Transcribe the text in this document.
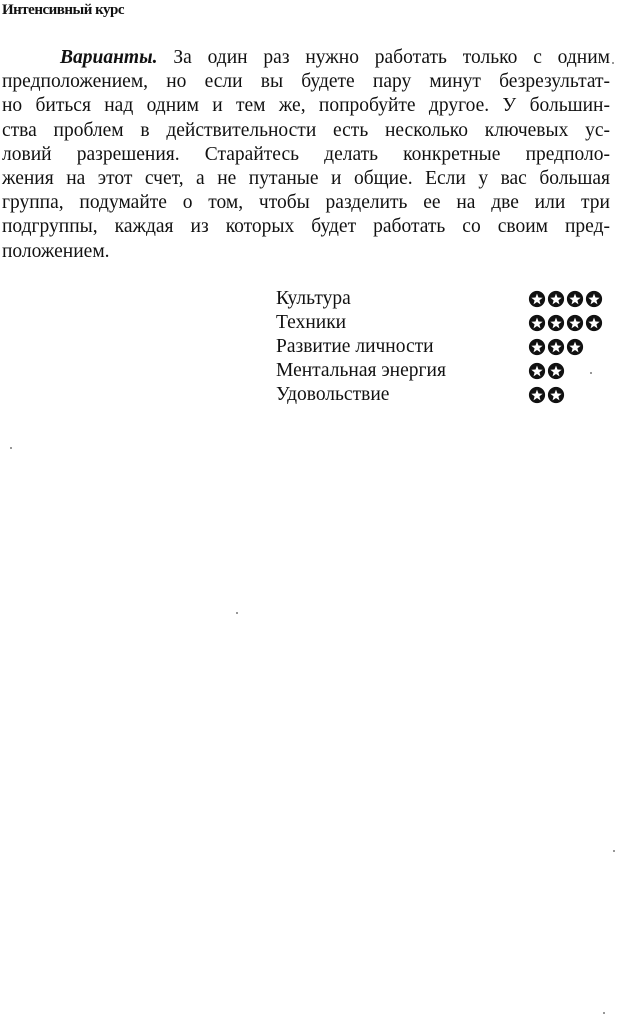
Интенсивный курс
Варианты. За один раз нужно работать только с одним
предположением, но если вы будете пару минут безрезультат-
но биться над одним и тем же, попробуйте другое. У большин-
ства проблем в действительности есть несколько ключевых ус-
ловий разрешения. Старайтесь делать конкретные предполо-
жения на этот счет, а не путаные и общие. Если у вас большая
группа, подумайте о том, чтобы разделить ее на две или три
подгруппы, каждая из которых будет работать со своим пред-
положением.
Культура
Техники
Развитие личности
Ментальная энергия
Удовольствие
